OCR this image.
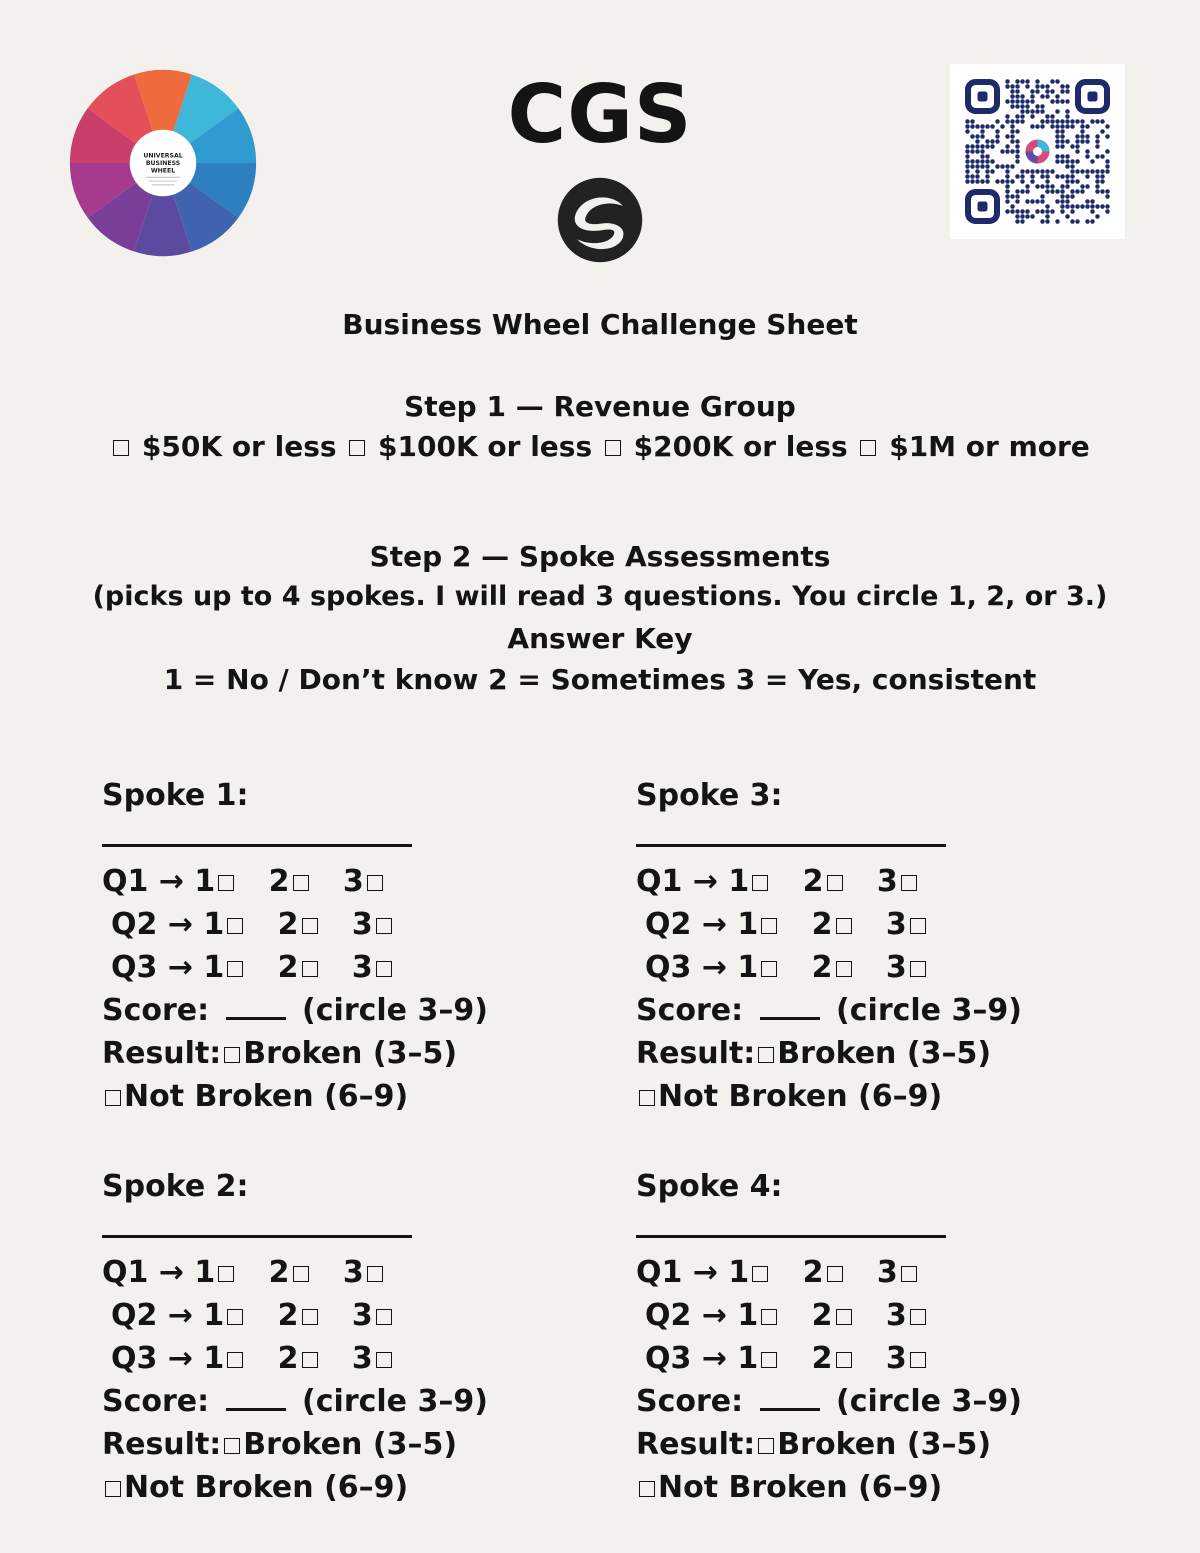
UNIVERSAL
BUSINESS
WHEEL
CGS
Business Wheel Challenge Sheet
Step 1 — Revenue Group
$50K or less $100K or less $200K or less $1M or more
Step 2 — Spoke Assessments
(picks up to 4 spokes. I will read 3 questions. You circle 1, 2, or 3.)
Answer Key
1 = No / Don’t know 2 = Sometimes 3 = Yes, consistent
Spoke 1:
Q1 → 1 2 3
Q2 → 1 2 3
Q3 → 1 2 3
Score:	(circle 3–9)
Result: Broken (3–5)
Not Broken (6–9)
Spoke 2:
Q1 → 1 2 3
Q2 → 1 2 3
Q3 → 1 2 3
Score:	(circle 3–9)
Result: Broken (3–5)
Not Broken (6–9)
Spoke 3:
Q1 → 1 2 3
Q2 → 1 2 3
Q3 → 1 2 3
Score:	(circle 3–9)
Result: Broken (3–5)
Not Broken (6–9)
Spoke 4:
Q1 → 1 2 3
Q2 → 1 2 3
Q3 → 1 2 3
Score:	(circle 3–9)
Result: Broken (3–5)
Not Broken (6–9)
